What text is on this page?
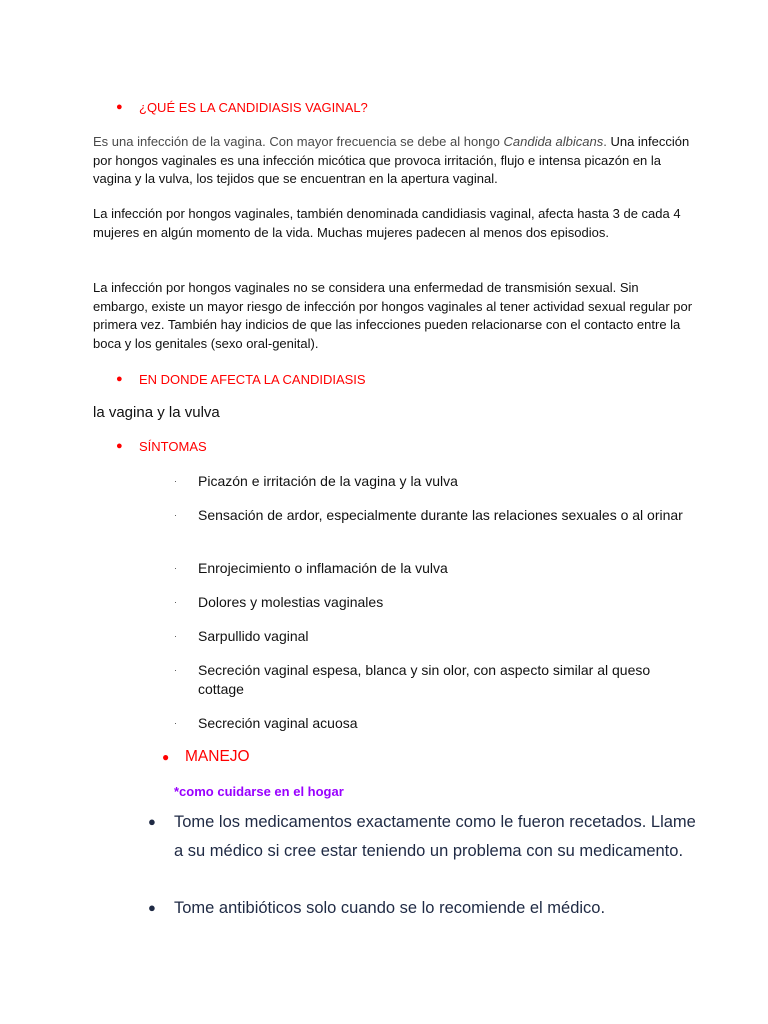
●	¿QUÉ ES LA CANDIDIASIS VAGINAL?
Es una infección de la vagina. Con mayor frecuencia se debe al hongo Candida albicans. Una infección por hongos vaginales es una infección micótica que provoca irritación, flujo e intensa picazón en la vagina y la vulva, los tejidos que se encuentran en la apertura vaginal.
La infección por hongos vaginales, también denominada candidiasis vaginal, afecta hasta 3 de cada 4 mujeres en algún momento de la vida. Muchas mujeres padecen al menos dos episodios.
La infección por hongos vaginales no se considera una enfermedad de transmisión sexual. Sin embargo, existe un mayor riesgo de infección por hongos vaginales al tener actividad sexual regular por primera vez. También hay indicios de que las infecciones pueden relacionarse con el contacto entre la boca y los genitales (sexo oral-genital).
●	EN DONDE AFECTA LA CANDIDIASIS
la vagina y la vulva
●	SÍNTOMAS
·	Picazón e irritación de la vagina y la vulva
·	Sensación de ardor, especialmente durante las relaciones sexuales o al orinar
·	Enrojecimiento o inflamación de la vulva
·	Dolores y molestias vaginales
·	Sarpullido vaginal
·	Secreción vaginal espesa, blanca y sin olor, con aspecto similar al queso cottage
·	Secreción vaginal acuosa
●	MANEJO
*como cuidarse en el hogar
●	Tome los medicamentos exactamente como le fueron recetados. Llame a su médico si cree estar teniendo un problema con su medicamento.
●	Tome antibióticos solo cuando se lo recomiende el médico.
